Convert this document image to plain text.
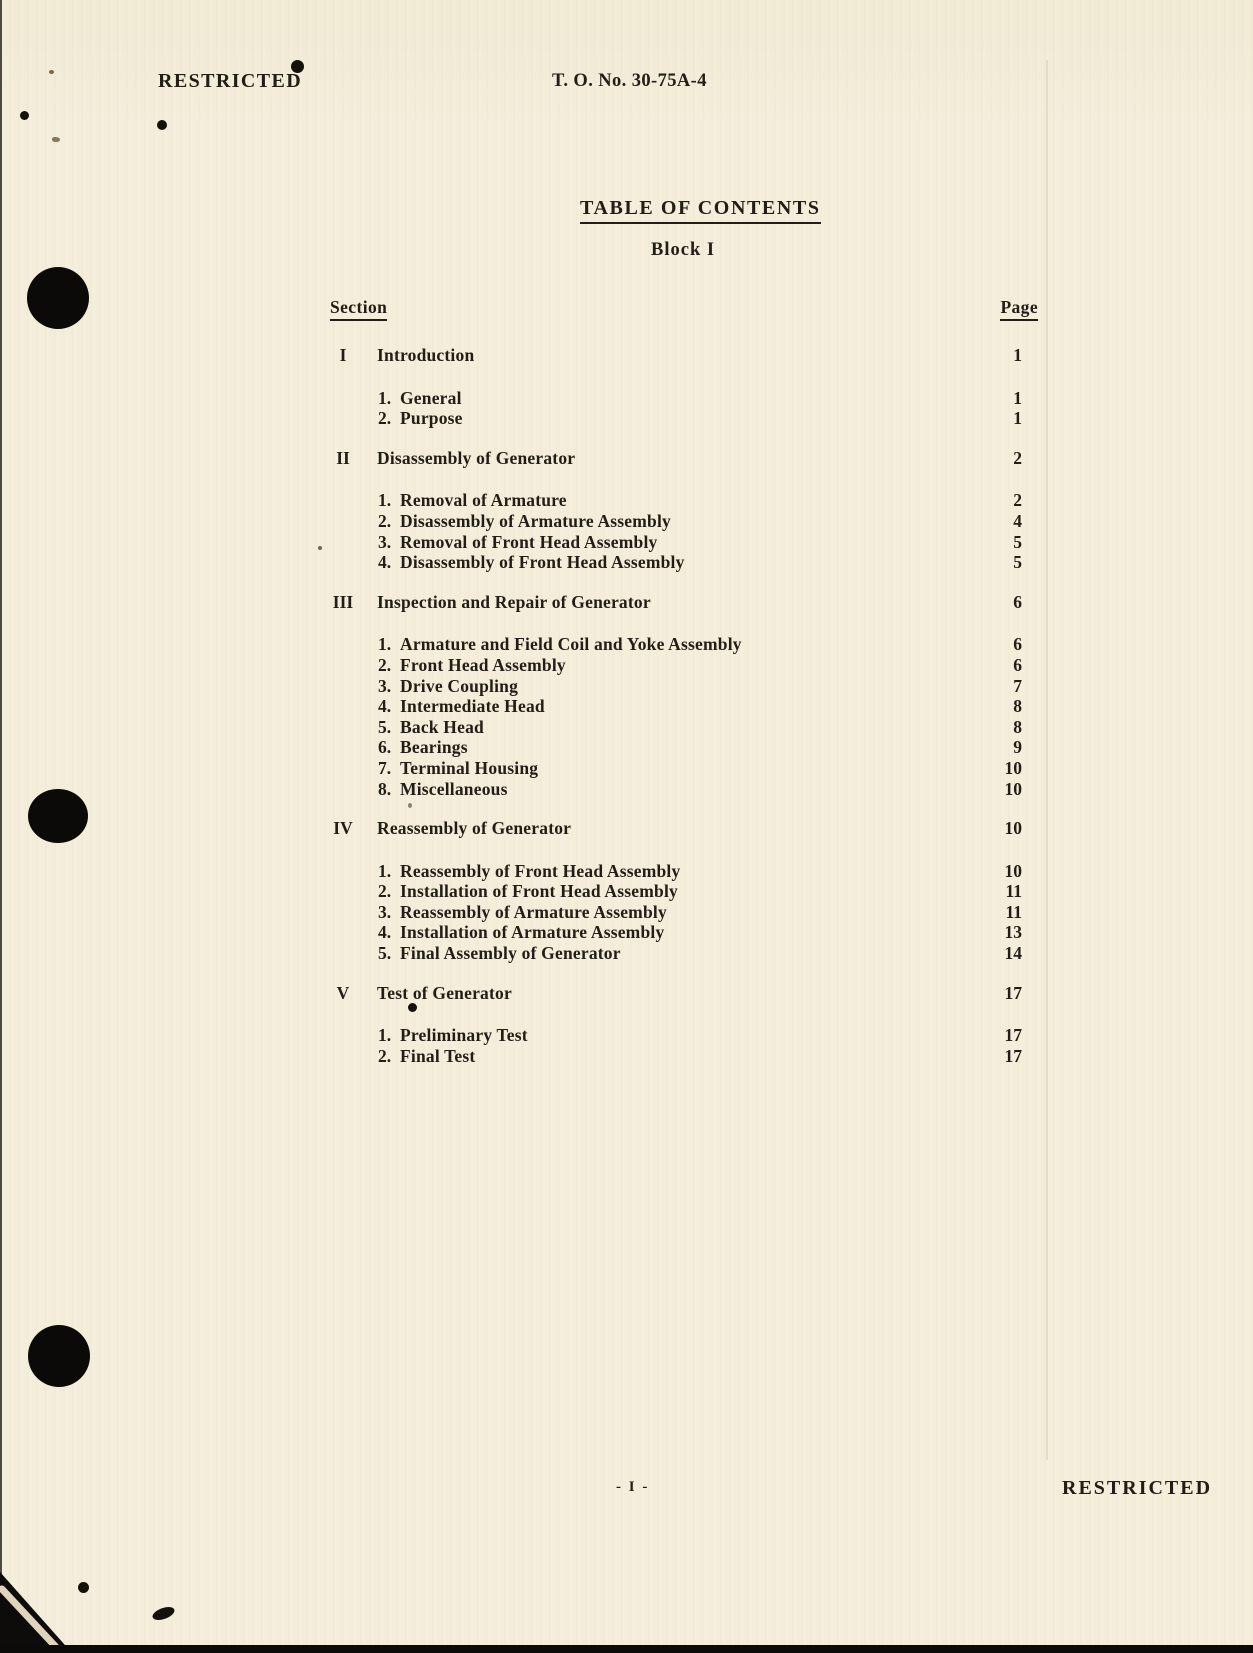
RESTRICTED	T. O. No. 30-75A-4
TABLE OF CONTENTS
Block I
Section	Page
I	Introduction	1
1. General	1
2. Purpose	1
II	Disassembly of Generator	2
1. Removal of Armature	2
2. Disassembly of Armature Assembly	4
3. Removal of Front Head Assembly	5
4. Disassembly of Front Head Assembly	5
III Inspection and Repair of Generator	6
1. Armature and Field Coil and Yoke Assembly	6
2. Front Head Assembly	6
3. Drive Coupling	7
4. Intermediate Head	8
5. Back Head	8
6. Bearings	9
7. Terminal Housing	10
8. Miscellaneous	10
IV Reassembly of Generator	10
1. Reassembly of Front Head Assembly	10
2. Installation of Front Head Assembly	11
3. Reassembly of Armature Assembly	11
4. Installation of Armature Assembly	13
5. Final Assembly of Generator	14
V	Test of Generator	17
1. Preliminary Test	17
2. Final Test	17
- I -	RESTRICTED
